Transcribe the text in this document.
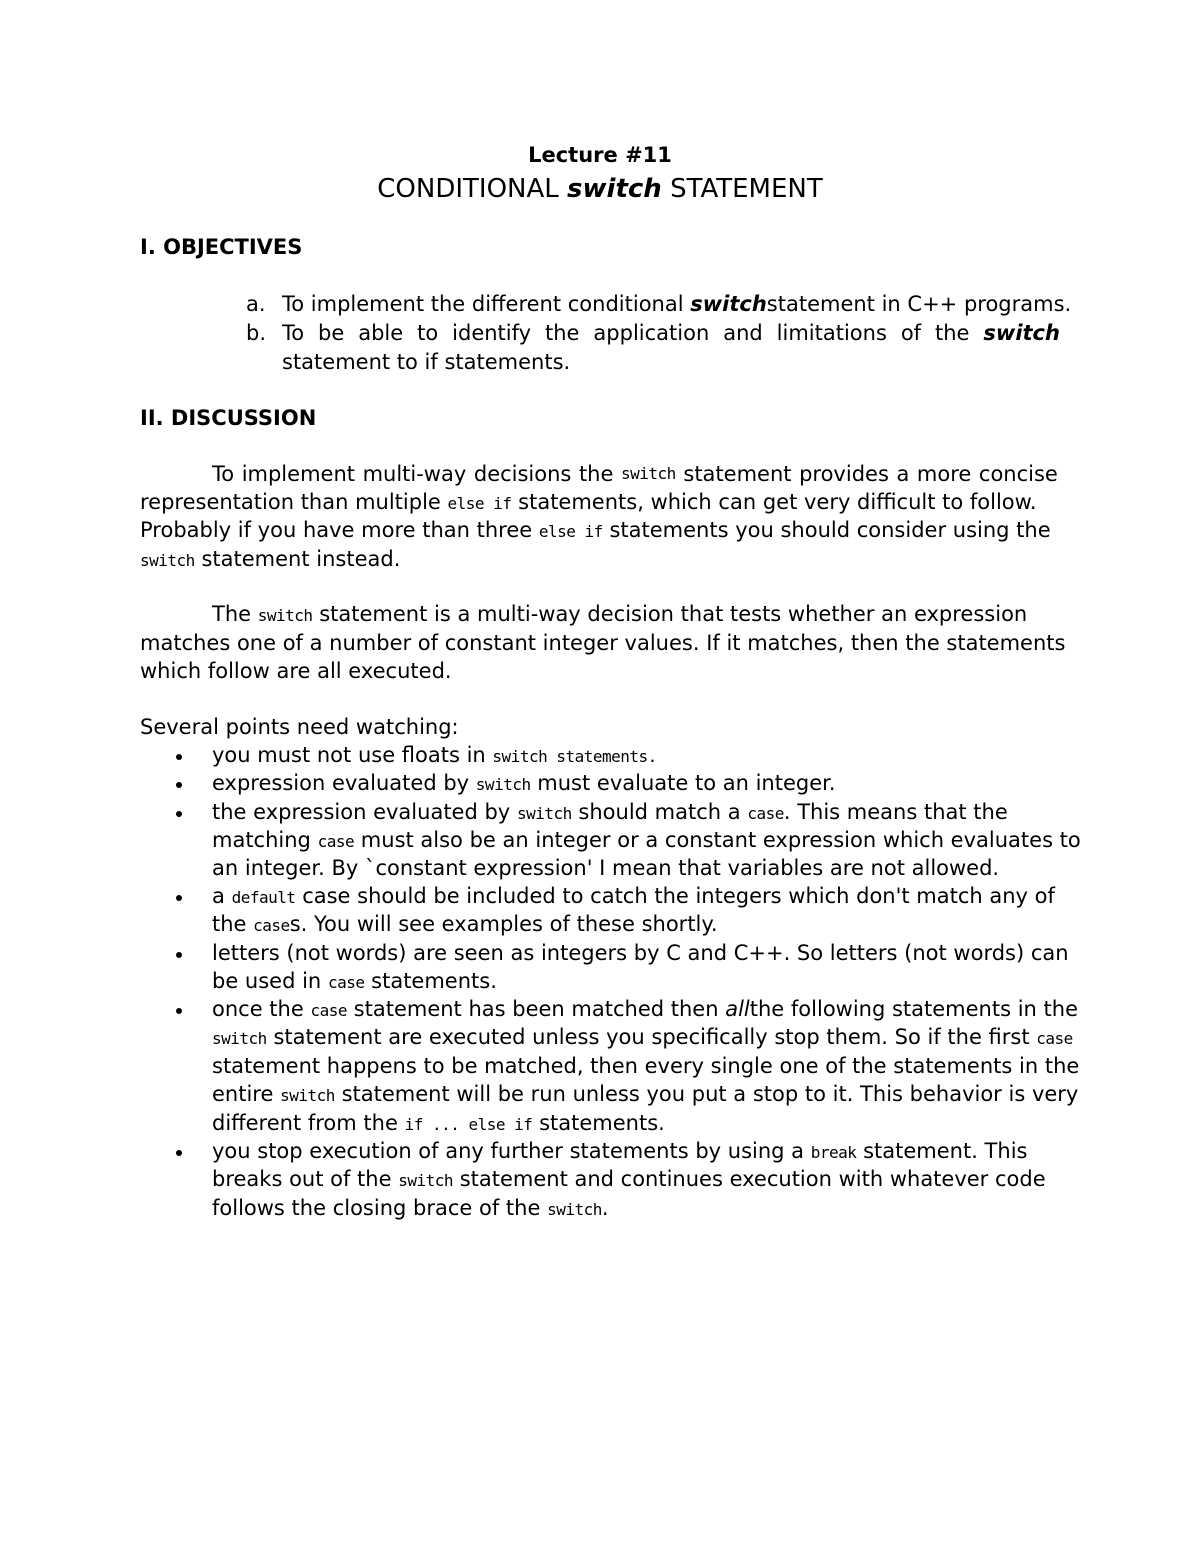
Lecture #11
CONDITIONAL switch STATEMENT
I. OBJECTIVES
a. To implement the different conditional switchstatement in C++ programs.
b. To be able to identify the application and limitations of the switch
statement to if statements.
II. DISCUSSION
To implement multi-way decisions the switch statement provides a more concise
representation than multiple else if statements, which can get very difficult to follow.
Probably if you have more than three else if statements you should consider using the
switch statement instead.
The switch statement is a multi-way decision that tests whether an expression
matches one of a number of constant integer values. If it matches, then the statements
which follow are all executed.
Several points need watching:
you must not use floats in switch statements.
expression evaluated by switch must evaluate to an integer.
the expression evaluated by switch should match a case. This means that the
matching case must also be an integer or a constant expression which evaluates to
an integer. By `constant expression' I mean that variables are not allowed.
a default case should be included to catch the integers which don't match any of
the cases. You will see examples of these shortly.
letters (not words) are seen as integers by C and C++. So letters (not words) can
be used in case statements.
once the case statement has been matched then allthe following statements in the
switch statement are executed unless you specifically stop them. So if the first case
statement happens to be matched, then every single one of the statements in the
entire switch statement will be run unless you put a stop to it. This behavior is very
different from the if ... else if statements.
you stop execution of any further statements by using a break statement. This
breaks out of the switch statement and continues execution with whatever code
follows the closing brace of the switch.
